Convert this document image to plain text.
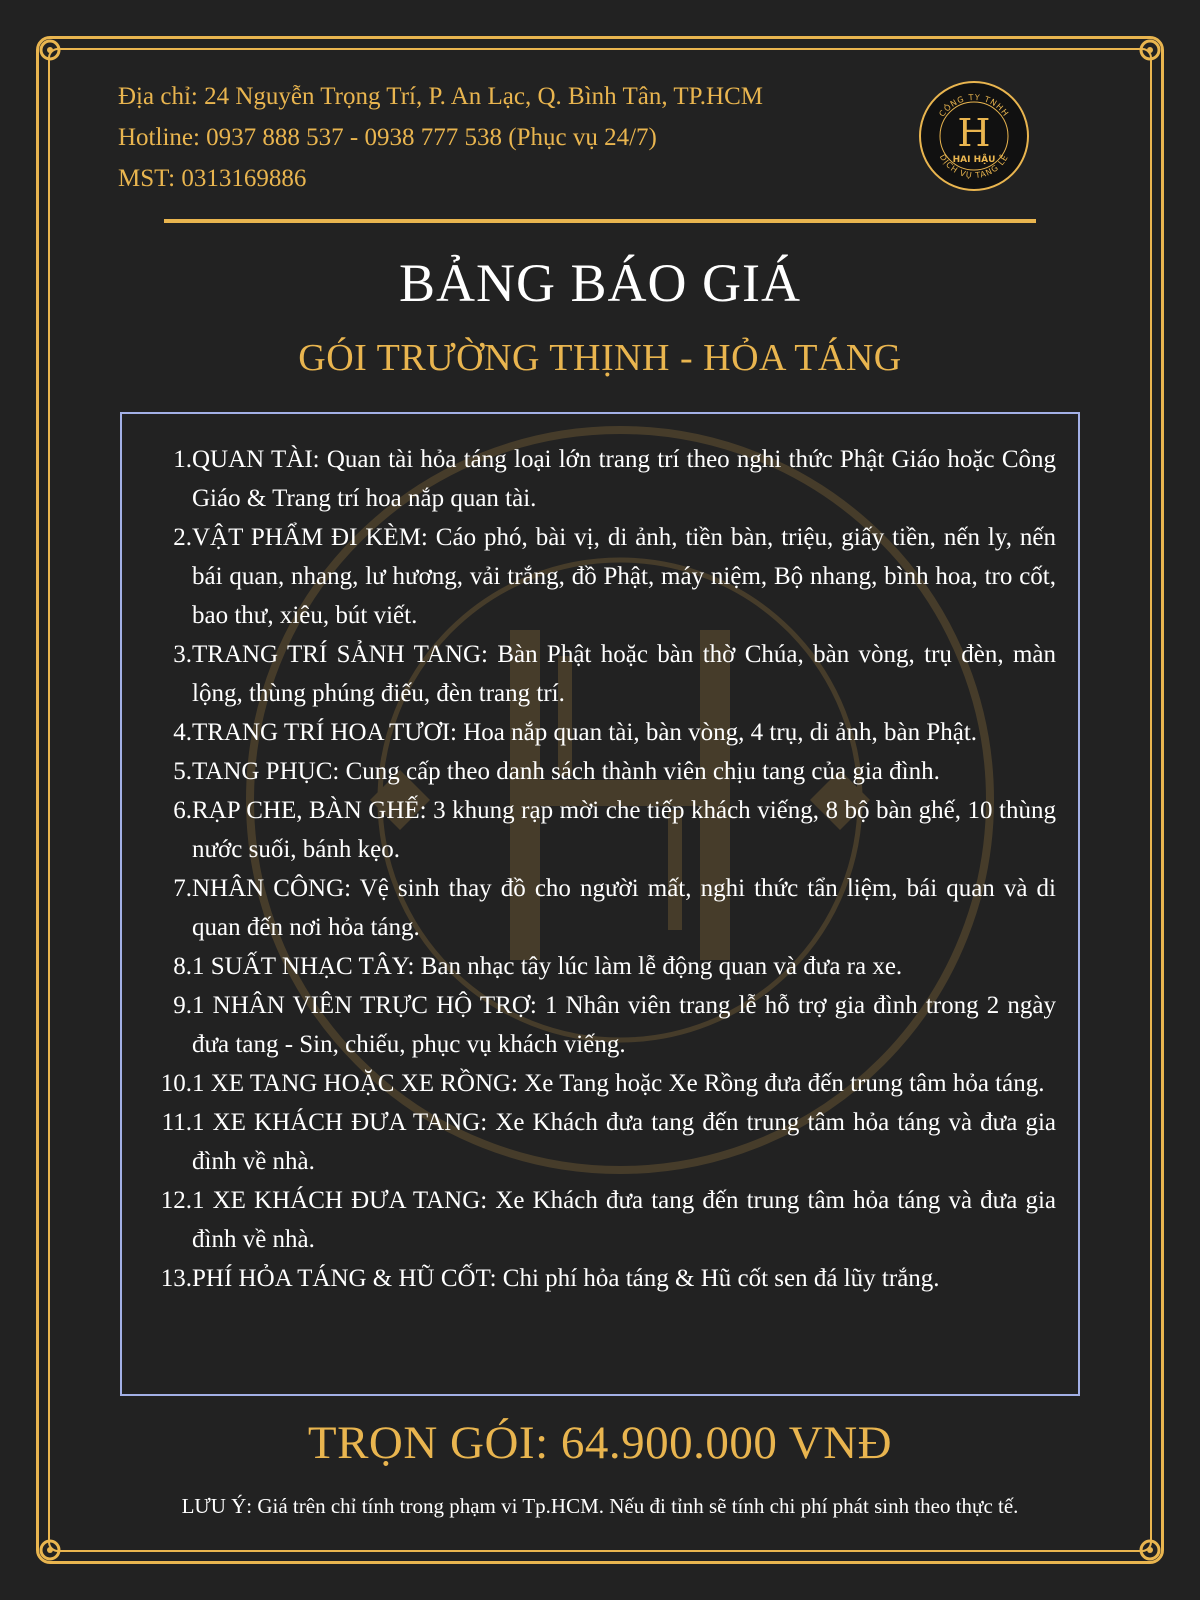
Địa chỉ: 24 Nguyễn Trọng Trí, P. An Lạc, Q. Bình Tân, TP.HCM
Hotline: 0937 888 537 - 0938 777 538 (Phục vụ 24/7)
MST: 0313169886
CÔNG TY TNHH
DỊCH VỤ TANG LỄ
H
HAI HẬU
BẢNG BÁO GIÁ
GÓI TRƯỜNG THỊNH - HỎA TÁNG
1. QUAN TÀI: Quan tài hỏa táng loại lớn trang trí theo nghi thức Phật Giáo hoặc Công Giáo & Trang trí hoa nắp quan tài.
2. VẬT PHẨM ĐI KÈM: Cáo phó, bài vị, di ảnh, tiền bàn, triệu, giấy tiền, nến ly, nến bái quan, nhang, lư hương, vải trắng, đồ Phật, máy niệm, Bộ nhang, bình hoa, tro cốt, bao thư, xiêu, bút viết.
3. TRANG TRÍ SẢNH TANG: Bàn Phật hoặc bàn thờ Chúa, bàn vòng, trụ đèn, màn lộng, thùng phúng điếu, đèn trang trí.
4. TRANG TRÍ HOA TƯƠI: Hoa nắp quan tài, bàn vòng, 4 trụ, di ảnh, bàn Phật.
5. TANG PHỤC: Cung cấp theo danh sách thành viên chịu tang của gia đình.
6. RẠP CHE, BÀN GHẾ: 3 khung rạp mời che tiếp khách viếng, 8 bộ bàn ghế, 10 thùng nước suối, bánh kẹo.
7. NHÂN CÔNG: Vệ sinh thay đồ cho người mất, nghi thức tẩn liệm, bái quan và di quan đến nơi hỏa táng.
8. 1 SUẤT NHẠC TÂY: Ban nhạc tây lúc làm lễ động quan và đưa ra xe.
9. 1 NHÂN VIÊN TRỰC HỘ TRỢ: 1 Nhân viên trang lễ hỗ trợ gia đình trong 2 ngày đưa tang - Sin, chiếu, phục vụ khách viếng.
10. 1 XE TANG HOẶC XE RỒNG: Xe Tang hoặc Xe Rồng đưa đến trung tâm hỏa táng.
11. 1 XE KHÁCH ĐƯA TANG: Xe Khách đưa tang đến trung tâm hỏa táng và đưa gia đình về nhà.
12. 1 XE KHÁCH ĐƯA TANG: Xe Khách đưa tang đến trung tâm hỏa táng và đưa gia đình về nhà.
13. PHÍ HỎA TÁNG & HŨ CỐT: Chi phí hỏa táng & Hũ cốt sen đá lũy trắng.
TRỌN GÓI: 64.900.000 VNĐ
LƯU Ý: Giá trên chỉ tính trong phạm vi Tp.HCM. Nếu đi tỉnh sẽ tính chi phí phát sinh theo thực tế.
